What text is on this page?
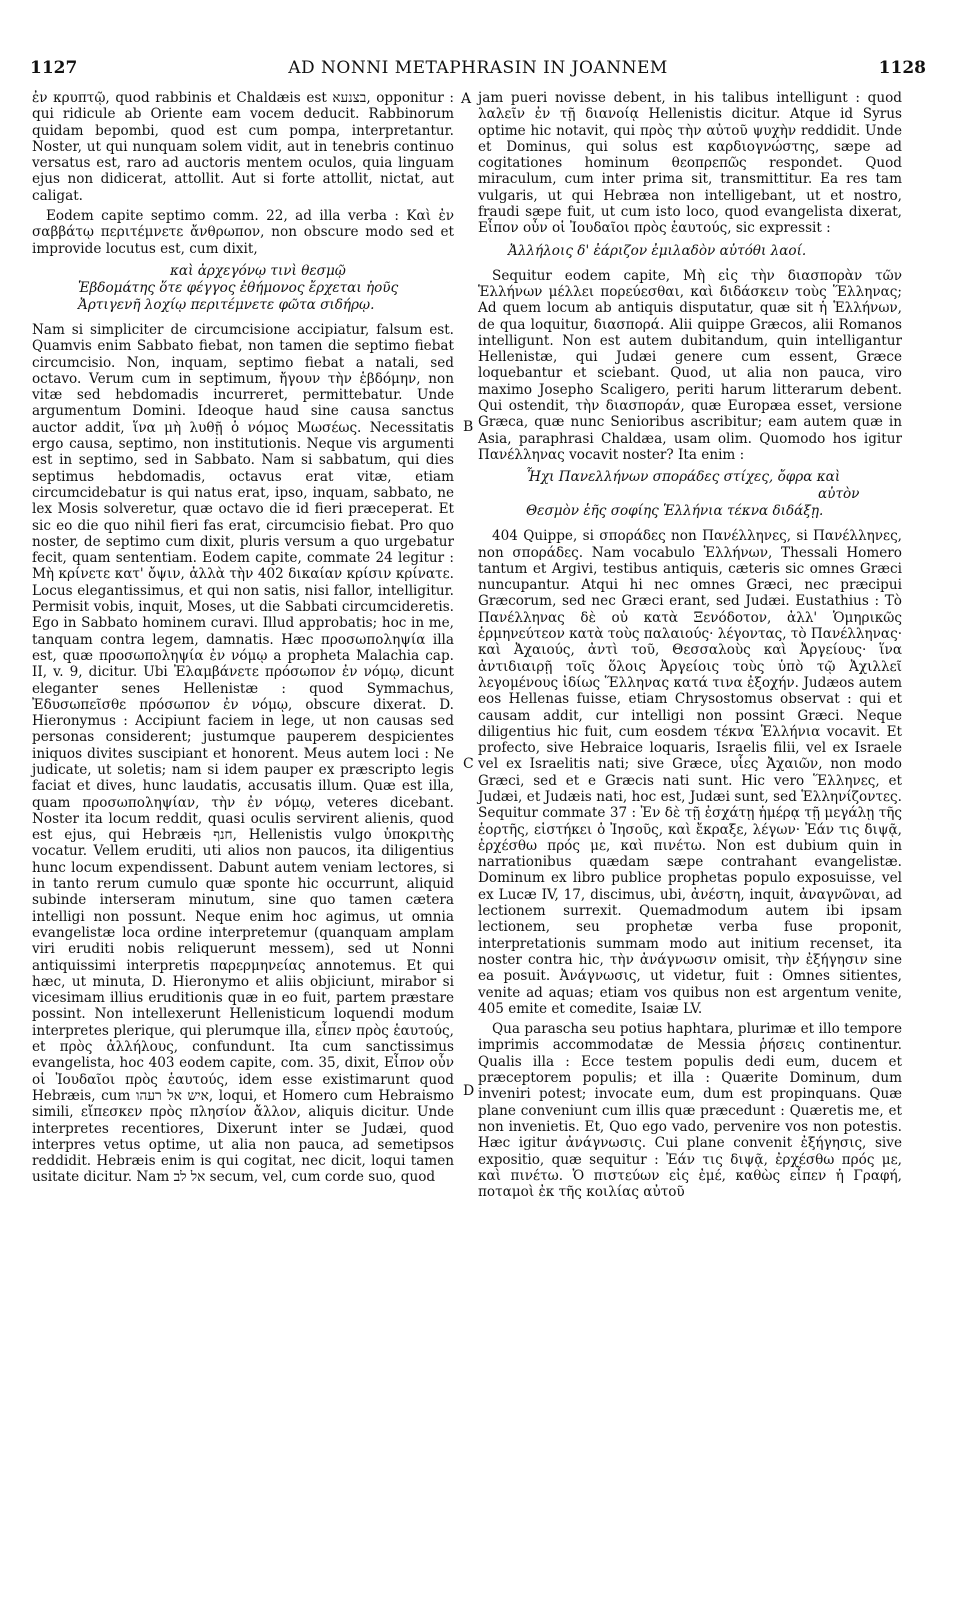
1127	AD NONNI METAPHRASIN IN JOANNEM	1128
A
B
C
D

ἐν κρυπτῷ, quod rabbinis et Chaldæis est בצנעא, opponitur : qui ridicule ab Oriente eam vocem deducit. Rabbinorum quidam bepombi, quod est cum pompa, interpretantur. Noster, ut qui nunquam solem vidit, aut in tenebris continuo versatus est, raro ad auctoris mentem oculos, quia linguam ejus non didicerat, attollit. Aut si forte attollit, nictat, aut caligat.

Eodem capite septimo comm. 22, ad illa verba : Καὶ ἐν σαββάτῳ περιτέμνετε ἄνθρωπον, non obscure modo sed et improvide locutus est, cum dixit,

καὶ ἀρχεγόνῳ τινὶ θεσμῷ
Ἑβδομάτης ὅτε φέγγος ἐθήμονος ἔρχεται ἠοῦς
Ἀρτιγενῆ λοχίῳ περιτέμνετε φῶτα σιδήρῳ.

Nam si simpliciter de circumcisione accipiatur, falsum est. Quamvis enim Sabbato fiebat, non tamen die septimo fiebat circumcisio. Non, inquam, septimo fiebat a natali, sed octavo. Verum cum in septimum, ἤγουν τὴν ἑβδόμην, non vitæ sed hebdomadis incurreret, permittebatur. Unde argumentum Domini. Ideoque haud sine causa sanctus auctor addit, ἵνα μὴ λυθῇ ὁ νόμος Μωσέως. Necessitatis ergo causa, septimo, non institutionis. Neque vis argumenti est in septimo, sed in Sabbato. Nam si sabbatum, qui dies septimus hebdomadis, octavus erat vitæ, etiam circumcidebatur is qui natus erat, ipso, inquam, sabbato, ne lex Mosis solveretur, quæ octavo die id fieri præceperat. Et sic eo die quo nihil fieri fas erat, circumcisio fiebat. Pro quo noster, de septimo cum dixit, pluris versum a quo urgebatur fecit, quam sententiam. Eodem capite, commate 24 legitur : Μὴ κρίνετε κατ' ὄψιν, ἀλλὰ τὴν 402 δικαίαν κρίσιν κρίνατε. Locus elegantissimus, et qui non satis, nisi fallor, intelligitur. Permisit vobis, inquit, Moses, ut die Sabbati circumcideretis. Ego in Sabbato hominem curavi. Illud approbatis; hoc in me, tanquam contra legem, damnatis. Hæc προσωποληψία illa est, quæ προσωποληψία ἐν νόμῳ a propheta Malachia cap. II, v. 9, dicitur. Ubi Ἐλαμβάνετε πρόσωπον ἐν νόμῳ, dicunt eleganter senes Hellenistæ : quod Symmachus, Ἐδυσωπεῖσθε πρόσωπον ἐν νόμῳ, obscure dixerat. D. Hieronymus : Accipiunt faciem in lege, ut non causas sed personas considerent; justumque pauperem despicientes iniquos divites suscipiant et honorent. Meus autem loci : Ne judicate, ut soletis; nam si idem pauper ex præscripto legis faciat et dives, hunc laudatis, accusatis illum. Quæ est illa, quam προσωποληψίαν, τὴν ἐν νόμῳ, veteres dicebant. Noster ita locum reddit, quasi oculis servirent alienis, quod est ejus, qui Hebræis חנף, Hellenistis vulgo ὑποκριτὴς vocatur. Vellem eruditi, uti alios non paucos, ita diligentius hunc locum expendissent. Dabunt autem veniam lectores, si in tanto rerum cumulo quæ sponte hic occurrunt, aliquid subinde interseram minutum, sine quo tamen cætera intelligi non possunt. Neque enim hoc agimus, ut omnia evangelistæ loca ordine interpretemur (quanquam amplam viri eruditi nobis reliquerunt messem), sed ut Nonni antiquissimi interpretis παρερμηνείας annotemus. Et qui hæc, ut minuta, D. Hieronymo et aliis objiciunt, mirabor si vicesimam illius eruditionis quæ in eo fuit, partem præstare possint. Non intellexerunt Hellenisticum loquendi modum interpretes plerique, qui plerumque illa, εἶπεν πρὸς ἑαυτούς, et πρὸς ἀλλήλους, confundunt. Ita cum sanctissimus evangelista, hoc 403 eodem capite, com. 35, dixit, Εἶπον οὖν οἱ Ἰουδαῖοι πρὸς ἑαυτούς, idem esse existimarunt quod Hebræis, cum איש אל רעהו, loqui, et Homero cum Hebraismo simili, εἴπεσκεν πρὸς πλησίον ἄλλον, aliquis dicitur. Unde interpretes recentiores, Dixerunt inter se Judæi, quod interpres vetus optime, ut alia non pauca, ad semetipsos reddidit. Hebræis enim is qui cogitat, nec dicit, loqui tamen usitate dicitur. Nam אל לב secum, vel, cum corde suo, quod

jam pueri novisse debent, in his talibus intelligunt : quod λαλεῖν ἐν τῇ διανοίᾳ Hellenistis dicitur. Atque id Syrus optime hic notavit, qui πρὸς τὴν αὐτοῦ ψυχὴν reddidit. Unde et Dominus, qui solus est καρδιογνώστης, sæpe ad cogitationes hominum θεοπρεπῶς respondet. Quod miraculum, cum inter prima sit, transmittitur. Ea res tam vulgaris, ut qui Hebræa non intelligebant, ut et nostro, fraudi sæpe fuit, ut cum isto loco, quod evangelista dixerat, Εἶπον οὖν οἱ Ἰουδαῖοι πρὸς ἑαυτούς, sic expressit :

Ἀλλήλοις δ' ἐάριζον ἐμιλαδὸν αὐτόθι λαοί.

Sequitur eodem capite, Μὴ εἰς τὴν διασπορὰν τῶν Ἑλλήνων μέλλει πορεύεσθαι, καὶ διδάσκειν τοὺς Ἕλληνας; Ad quem locum ab antiquis disputatur, quæ sit ἡ Ἑλλήνων, de qua loquitur, διασπορά. Alii quippe Græcos, alii Romanos intelligunt. Non est autem dubitandum, quin intelligantur Hellenistæ, qui Judæi genere cum essent, Græce loquebantur et sciebant. Quod, ut alia non pauca, viro maximo Josepho Scaligero, periti harum litterarum debent. Qui ostendit, τὴν διασποράν, quæ Europæa esset, versione Græca, quæ nunc Senioribus ascribitur; eam autem quæ in Asia, paraphrasi Chaldæa, usam olim. Quomodo hos igitur Πανέλληνας vocavit noster? Ita enim :

Ἧχι Πανελλήνων σποράδες στίχες, ὄφρα καὶ
αὐτὸν
Θεσμὸν ἑῆς σοφίης Ἑλλήνια τέκνα διδάξῃ.

404 Quippe, si σποράδες non Πανέλληνες, si Πανέλληνες, non σποράδες. Nam vocabulo Ἑλλήνων, Thessali Homero tantum et Argivi, testibus antiquis, cæteris sic omnes Græci nuncupantur. Atqui hi nec omnes Græci, nec præcipui Græcorum, sed nec Græci erant, sed Judæi. Eustathius : Τὸ Πανέλληνας δὲ οὐ κατὰ Ξενόδοτον, ἀλλ' Ὁμηρικῶς ἑρμηνεύτεον κατὰ τοὺς παλαιούς· λέγοντας, τὸ Πανέλληνας· καὶ Ἀχαιούς, ἀντὶ τοῦ, Θεσσαλοὺς καὶ Ἀργείους· ἵνα ἀντιδιαιρῇ τοῖς ὅλοις Ἀργείοις τοὺς ὑπὸ τῷ Ἀχιλλεῖ λεγομένους ἰδίως Ἕλληνας κατά τινα ἐξοχήν. Judæos autem eos Hellenas fuisse, etiam Chrysostomus observat : qui et causam addit, cur intelligi non possint Græci. Neque diligentius hic fuit, cum eosdem τέκνα Ἑλλήνια vocavit. Et profecto, sive Hebraice loquaris, Israelis filii, vel ex Israele vel ex Israelitis nati; sive Græce, υἷες Ἀχαιῶν, non modo Græci, sed et e Græcis nati sunt. Hic vero Ἕλληνες, et Judæi, et Judæis nati, hoc est, Judæi sunt, sed Ἑλληνίζοντες. Sequitur commate 37 : Ἐν δὲ τῇ ἐσχάτῃ ἡμέρᾳ τῇ μεγάλῃ τῆς ἑορτῆς, εἱστήκει ὁ Ἰησοῦς, καὶ ἔκραξε, λέγων· Ἐάν τις διψᾷ, ἐρχέσθω πρός με, καὶ πινέτω. Non est dubium quin in narrationibus quædam sæpe contrahant evangelistæ. Dominum ex libro publice prophetas populo exposuisse, vel ex Lucæ IV, 17, discimus, ubi, ἀνέστη, inquit, ἀναγνῶναι, ad lectionem surrexit. Quemadmodum autem ibi ipsam lectionem, seu prophetæ verba fuse proponit, interpretationis summam modo aut initium recenset, ita noster contra hic, τὴν ἀνάγνωσιν omisit, τὴν ἐξήγησιν sine ea posuit. Ἀνάγνωσις, ut videtur, fuit : Omnes sitientes, venite ad aquas; etiam vos quibus non est argentum venite, 405 emite et comedite, Isaiæ LV.

Qua parascha seu potius haphtara, plurimæ et illo tempore imprimis accommodatæ de Messia ῥήσεις continentur. Qualis illa : Ecce testem populis dedi eum, ducem et præceptorem populis; et illa : Quærite Dominum, dum inveniri potest; invocate eum, dum est propinquans. Quæ plane conveniunt cum illis quæ præcedunt : Quæretis me, et non invenietis. Et, Quo ego vado, pervenire vos non potestis. Hæc igitur ἀνάγνωσις. Cui plane convenit ἐξήγησις, sive expositio, quæ sequitur : Ἐάν τις διψᾷ, ἐρχέσθω πρός με, καὶ πινέτω. Ὁ πιστεύων εἰς ἐμέ, καθὼς εἶπεν ἡ Γραφή, ποταμοὶ ἐκ τῆς κοιλίας αὐτοῦ
